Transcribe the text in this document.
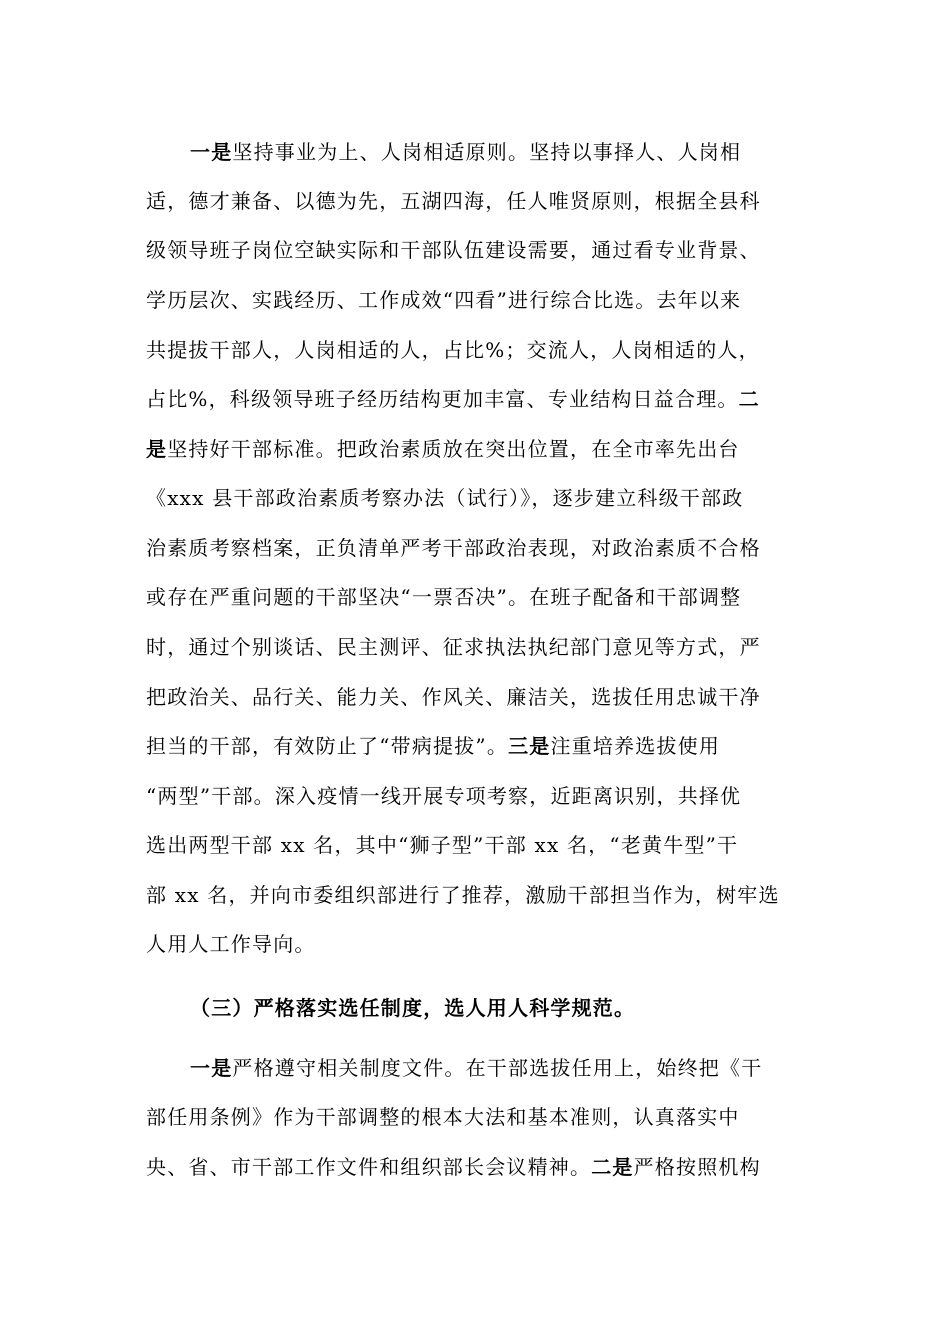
一是坚持事业为上、人岗相适原则。坚持以事择人、人岗相
适，德才兼备、以德为先，五湖四海，任人唯贤原则，根据全县科
级领导班子岗位空缺实际和干部队伍建设需要，通过看专业背景、
学历层次、实践经历、工作成效“四看”进行综合比选。去年以来
共提拔干部人，人岗相适的人，占比%；交流人，人岗相适的人，
占比%，科级领导班子经历结构更加丰富、专业结构日益合理。二
是坚持好干部标准。把政治素质放在突出位置，在全市率先出台
《xxx 县干部政治素质考察办法（试行）》，逐步建立科级干部政
治素质考察档案，正负清单严考干部政治表现，对政治素质不合格
或存在严重问题的干部坚决“一票否决”。在班子配备和干部调整
时，通过个别谈话、民主测评、征求执法执纪部门意见等方式，严
把政治关、品行关、能力关、作风关、廉洁关，选拔任用忠诚干净
担当的干部，有效防止了“带病提拔”。三是注重培养选拔使用
“两型”干部。深入疫情一线开展专项考察，近距离识别，共择优
选出两型干部 xx 名，其中“狮子型”干部 xx 名，“老黄牛型”干
部 xx 名，并向市委组织部进行了推荐，激励干部担当作为，树牢选
人用人工作导向。
（三）严格落实选任制度，选人用人科学规范。
一是严格遵守相关制度文件。在干部选拔任用上，始终把《干
部任用条例》作为干部调整的根本大法和基本准则，认真落实中
央、省、市干部工作文件和组织部长会议精神。二是严格按照机构
